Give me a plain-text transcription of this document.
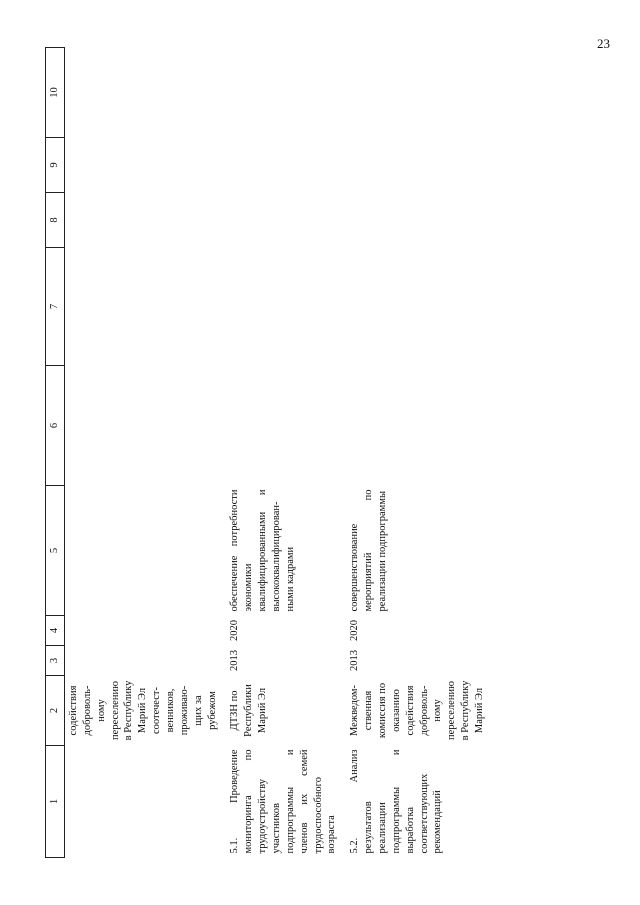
23
1	2	3	4	5	6	7	8	9	10
	содействия доброволь- ному переселению в Республику Марий Эл соотечест- венников, проживаю- щих за рубежом								
5.1. Проведение мониторинга по трудоустройству участников подпрограммы и членов их семей трудоспособного возраста	ДТЗН по Республики Марий Эл	2013	2020	обеспечение потребности экономики квалифицированными и высококвалифицирован- ными кадрами					
5.2. Анализ результатов реализации подпрограммы и выработка соответствующих рекомендаций	Межведом- ственная комиссия по оказанию содействия доброволь- ному переселению в Республику Марий Эл	2013	2020	совершенствование мероприятий по реализации подпрограммы					
